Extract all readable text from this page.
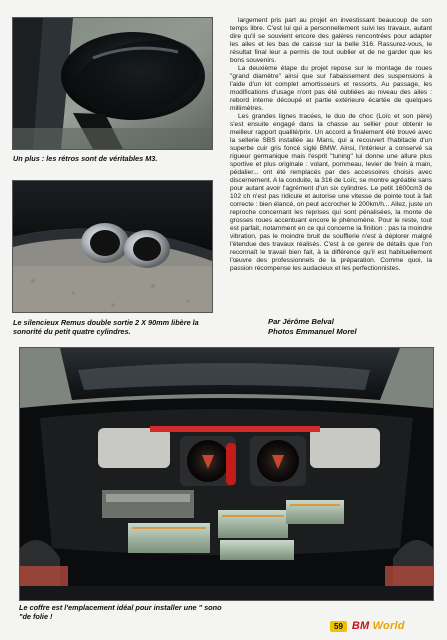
Un plus : les rétros sont de véritables M3.
Le silencieux Remus double sortie 2 X 90mm libère la sonorité du petit quatre cylindres.

largement pris part au projet en investissant beaucoup de son temps libre. C'est lui qui a personnellement suivi les travaux, autant dire qu'il se souvient encore des galères rencontrées pour adapter les ailes et les bas de caisse sur la belle 316. Rassurez-vous, le résultat final leur a permis de tout oublier et de ne garder que les bons souvenirs.

La deuxième étape du projet repose sur le montage de roues "grand diamètre" ainsi que sur l'abaissement des suspensions à l'aide d'un kit complet amortisseurs et ressorts. Au passage, les modifications d'usage n'ont pas été oubliées au niveau des ailes : rebord interne découpé et partie extérieure écartée de quelques millimètres.

Les grandes lignes tracées, le duo de choc (Loïc et son père) s'est ensuite engagé dans la chasse au sellier pour obtenir le meilleur rapport qualité/prix. Un accord a finalement été trouvé avec la sellerie SBS installée au Mans, qui a recouvert l'habitacle d'un superbe cuir gris foncé siglé BMW. Ainsi, l'intérieur a conservé sa rigueur germanique mais l'esprit "tuning" lui donne une allure plus sportive et plus originale : volant, pommeau, levier de frein à main, pédalier... ont été remplacés par des accessoires choisis avec discernement. A la conduite, la 316 de Loïc, se montre agréable sans pour autant avoir l'agrément d'un six cylindres. Le petit 1600cm3 de 102 ch n'est pas ridicule et autorise une vitesse de pointe tout à fait correcte : bien élancé, on peut accrocher le 200km/h... Allez, juste un reproche concernant les reprises qui sont pénalisées, la monte de grosses roues accentuant encore le phénomène. Pour le reste, tout est parfait, notamment en ce qui concerne la finition : pas la moindre vibration, pas le moindre bruit de soufflerie n'est à déplorer malgré l'étendue des travaux réalisés. C'est à ce genre de détails que l'on reconnaît le travail bien fait, à la différence qu'il est habituellement l'œuvre des professionnels de la préparation. Comme quoi, la passion récompense les audacieux et les perfectionnistes.

Par Jérôme Belval
Photos Emmanuel Morel
Le coffre est l'emplacement idéal pour installer une " sono "de folie !
59 BM World
